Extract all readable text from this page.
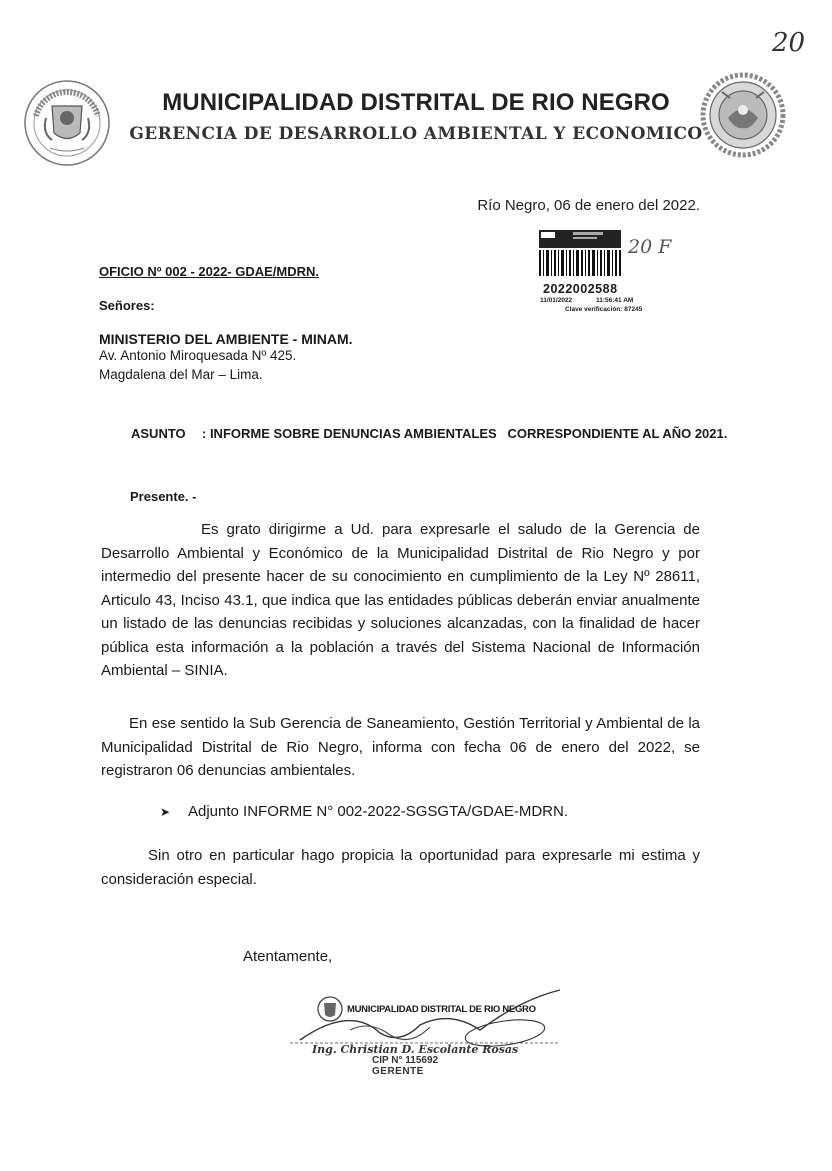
20
MUNICIPALIDAD DISTRITAL DE RIO NEGRO
GERENCIA DE DESARROLLO AMBIENTAL Y ECONOMICO
Río Negro, 06 de enero del 2022.
20 F
2022002588
11/01/2022	11:56:41 AM
Clave verificación: 87245
OFICIO Nº 002 - 2022- GDAE/MDRN.
Señores:
MINISTERIO DEL AMBIENTE - MINAM.
Av. Antonio Miroquesada Nº 425.
Magdalena del Mar – Lima.
ASUNTO : INFORME SOBRE DENUNCIAS AMBIENTALES   CORRESPONDIENTE AL AÑO 2021.
Presente. -
Es grato dirigirme a Ud. para expresarle el saludo de la Gerencia de Desarrollo Ambiental y Económico de la Municipalidad Distrital de Rio Negro y por intermedio del presente hacer de su conocimiento en cumplimiento de la Ley Nº 28611, Articulo 43, Inciso 43.1, que indica que las entidades públicas deberán enviar anualmente un listado de las denuncias recibidas y soluciones alcanzadas, con la finalidad de hacer pública esta información a la población a través del Sistema Nacional de Información Ambiental – SINIA.
En ese sentido la Sub Gerencia de Saneamiento, Gestión Territorial y Ambiental de la Municipalidad Distrital de Rio Negro, informa con fecha 06 de enero del 2022, se registraron 06 denuncias ambientales.
➤ Adjunto INFORME N° 002-2022-SGSGTA/GDAE-MDRN.
Sin otro en particular hago propicia la oportunidad para expresarle mi estima y consideración especial.
Atentamente,
MUNICIPALIDAD DISTRITAL DE RIO NEGRO
Ing. Christian D. Escolante Rosas
CIP N° 115692
GERENTE
